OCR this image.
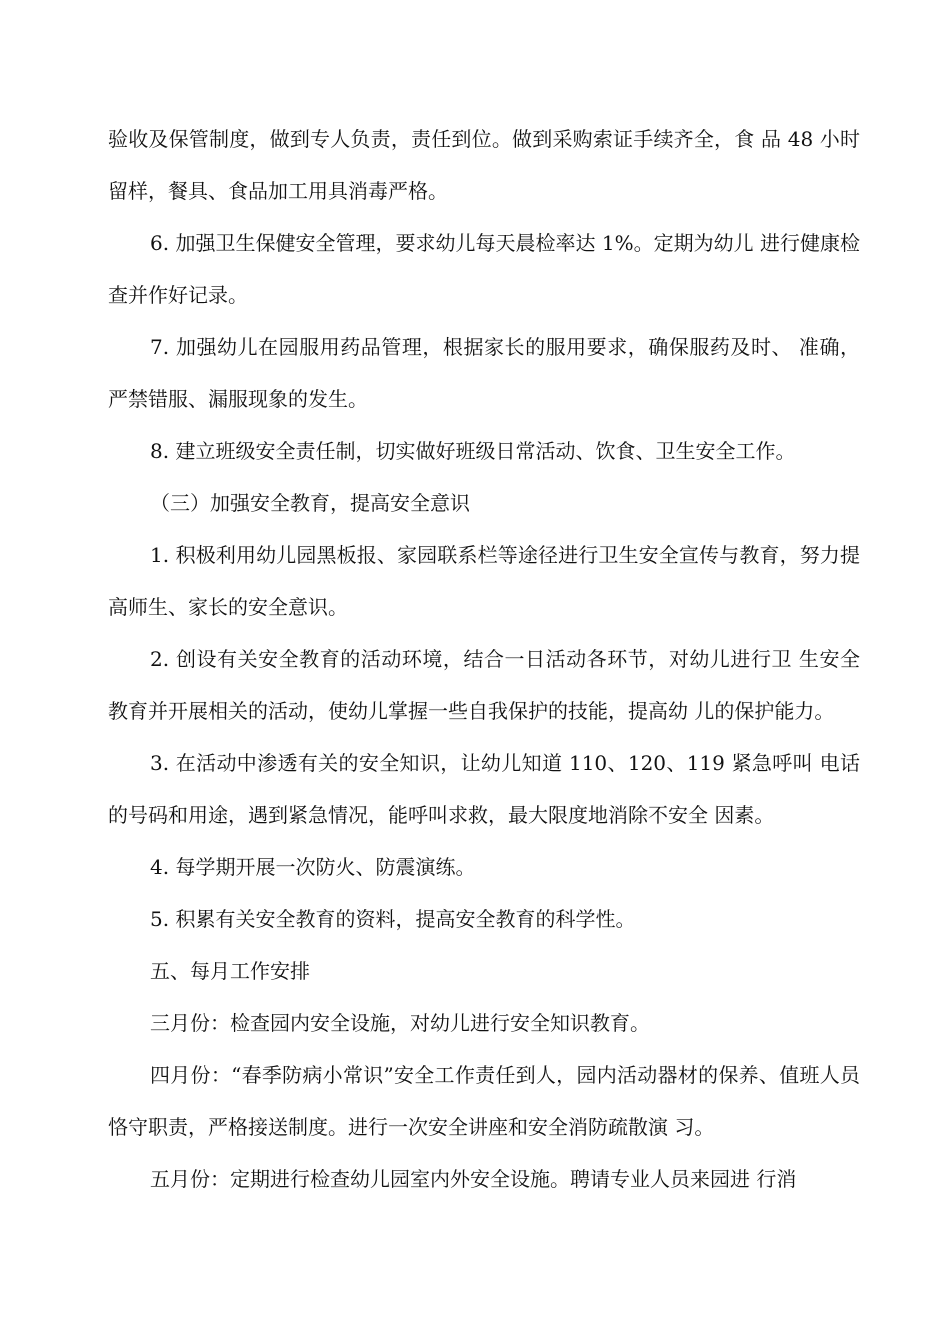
验收及保管制度，做到专人负责，责任到位。做到采购索证手续齐全，食 品 48 小时留样，餐具、食品加工用具消毒严格。

6. 加强卫生保健安全管理，要求幼儿每天晨检率达 1%。定期为幼儿 进行健康检查并作好记录。

7. 加强幼儿在园服用药品管理，根据家长的服用要求，确保服药及时、 准确，严禁错服、漏服现象的发生。

8. 建立班级安全责任制，切实做好班级日常活动、饮食、卫生安全工作。

（三）加强安全教育，提高安全意识

1. 积极利用幼儿园黑板报、家园联系栏等途径进行卫生安全宣传与教育，努力提高师生、家长的安全意识。

2. 创设有关安全教育的活动环境，结合一日活动各环节，对幼儿进行卫 生安全教育并开展相关的活动，使幼儿掌握一些自我保护的技能，提高幼 儿的保护能力。

3. 在活动中渗透有关的安全知识，让幼儿知道 110、120、119 紧急呼叫 电话的号码和用途，遇到紧急情况，能呼叫求救，最大限度地消除不安全 因素。

4. 每学期开展一次防火、防震演练。

5. 积累有关安全教育的资料，提高安全教育的科学性。

五、每月工作安排

三月份：检查园内安全设施，对幼儿进行安全知识教育。

四月份：“春季防病小常识”安全工作责任到人，园内活动器材的保养、值班人员恪守职责，严格接送制度。进行一次安全讲座和安全消防疏散演 习。

五月份：定期进行检查幼儿园室内外安全设施。聘请专业人员来园进 行消
